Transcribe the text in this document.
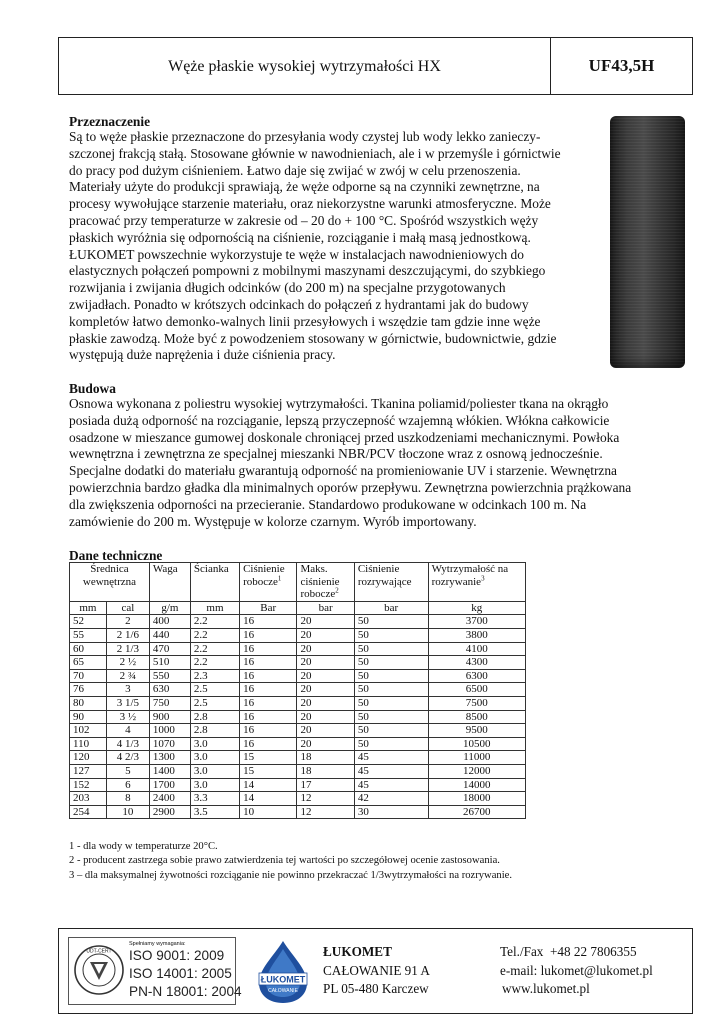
Węże płaskie wysokiej wytrzymałości HX	UF43,5H
Przeznaczenie
Są to węże płaskie przeznaczone do przesyłania wody czystej lub wody lekko zanieczy-
szczonej frakcją stałą. Stosowane głównie w nawodnieniach, ale i w przemyśle i górnictwie
do pracy pod dużym ciśnieniem. Łatwo daje się zwijać w zwój w celu przenoszenia.
Materiały użyte do produkcji sprawiają, że węże odporne są na czynniki zewnętrzne, na
procesy wywołujące starzenie materiału, oraz niekorzystne warunki atmosferyczne. Może
pracować przy temperaturze w zakresie od – 20 do + 100 °C. Spośród wszystkich węży
płaskich wyróżnia się odpornością na ciśnienie, rozciąganie i małą masą jednostkową.
ŁUKOMET powszechnie wykorzystuje te węże w instalacjach nawodnieniowych do
elastycznych połączeń pompowni z mobilnymi maszynami deszczującymi, do szybkiego
rozwijania i zwijania długich odcinków (do 200 m) na specjalne przygotowanych
zwijadłach. Ponadto w krótszych odcinkach do połączeń z hydrantami jak do budowy
kompletów łatwo demonko-walnych linii przesyłowych i wszędzie tam gdzie inne węże
płaskie zawodzą. Może być z powodzeniem stosowany w górnictwie, budownictwie, gdzie
występują duże naprężenia i duże ciśnienia pracy.
Budowa
Osnowa wykonana z poliestru wysokiej wytrzymałości. Tkanina poliamid/poliester tkana na okrągło
posiada dużą odporność na rozciąganie, lepszą przyczepność wzajemną włókien. Włókna całkowicie
osadzone w mieszance gumowej doskonale chroniącej przed uszkodzeniami mechanicznymi. Powłoka
wewnętrzna i zewnętrzna ze specjalnej mieszanki NBR/PCV tłoczone wraz z osnową jednocześnie.
Specjalne dodatki do materiału gwarantują odporność na promieniowanie UV i starzenie. Wewnętrzna
powierzchnia bardzo gładka dla minimalnych oporów przepływu. Zewnętrzna powierzchnia prążkowana
dla zwiększenia odporności na przecieranie. Standardowo produkowane w odcinkach 100 m. Na
zamówienie do 200 m. Występuje w kolorze czarnym. Wyrób importowany.
Dane techniczne
Średnica wewnętrzna		Waga	Ścianka	Ciśnienie robocze$^1$	Maks. ciśnienie robocze$^2$	Ciśnienie rozrywające	Wytrzymałość na rozrywanie$^3$
mm	cal	g/m	mm	Bar	bar	bar	kg
52	2	400	2.2	16	20	50	3700
55	2 1/6	440	2.2	16	20	50	3800
60	2 1/3	470	2.2	16	20	50	4100
65	2 ½	510	2.2	16	20	50	4300
70	2 ¾	550	2.3	16	20	50	6300
76	3	630	2.5	16	20	50	6500
80	3 1/5	750	2.5	16	20	50	7500
90	3 ½	900	2.8	16	20	50	8500
102	4	1000	2.8	16	20	50	9500
110	4 1/3	1070	3.0	16	20	50	10500
120	4 2/3	1300	3.0	15	18	45	11000
127	5	1400	3.0	15	18	45	12000
152	6	1700	3.0	14	17	45	14000
203	8	2400	3.3	14	12	42	18000
254	10	2900	3.5	10	12	30	26700
1 - dla wody w temperaturze 20°C.
2 - producent zastrzega sobie prawo zatwierdzenia tej wartości po szczegółowej ocenie zastosowania.
3 – dla maksymalnej żywotności rozciąganie nie powinno przekraczać 1/3wytrzymałości na rozrywanie.
UDT-CERT
Spełniamy wymagania:
ISO 9001: 2009
ISO 14001: 2005
PN-N 18001: 2004
ŁUKOMET
CAŁOWANIE
ŁUKOMET
CAŁOWANIE 91 A
PL 05-480 Karczew
Tel./Fax  +48 22 7806355
e-mail: lukomet@lukomet.pl
www.lukomet.pl
